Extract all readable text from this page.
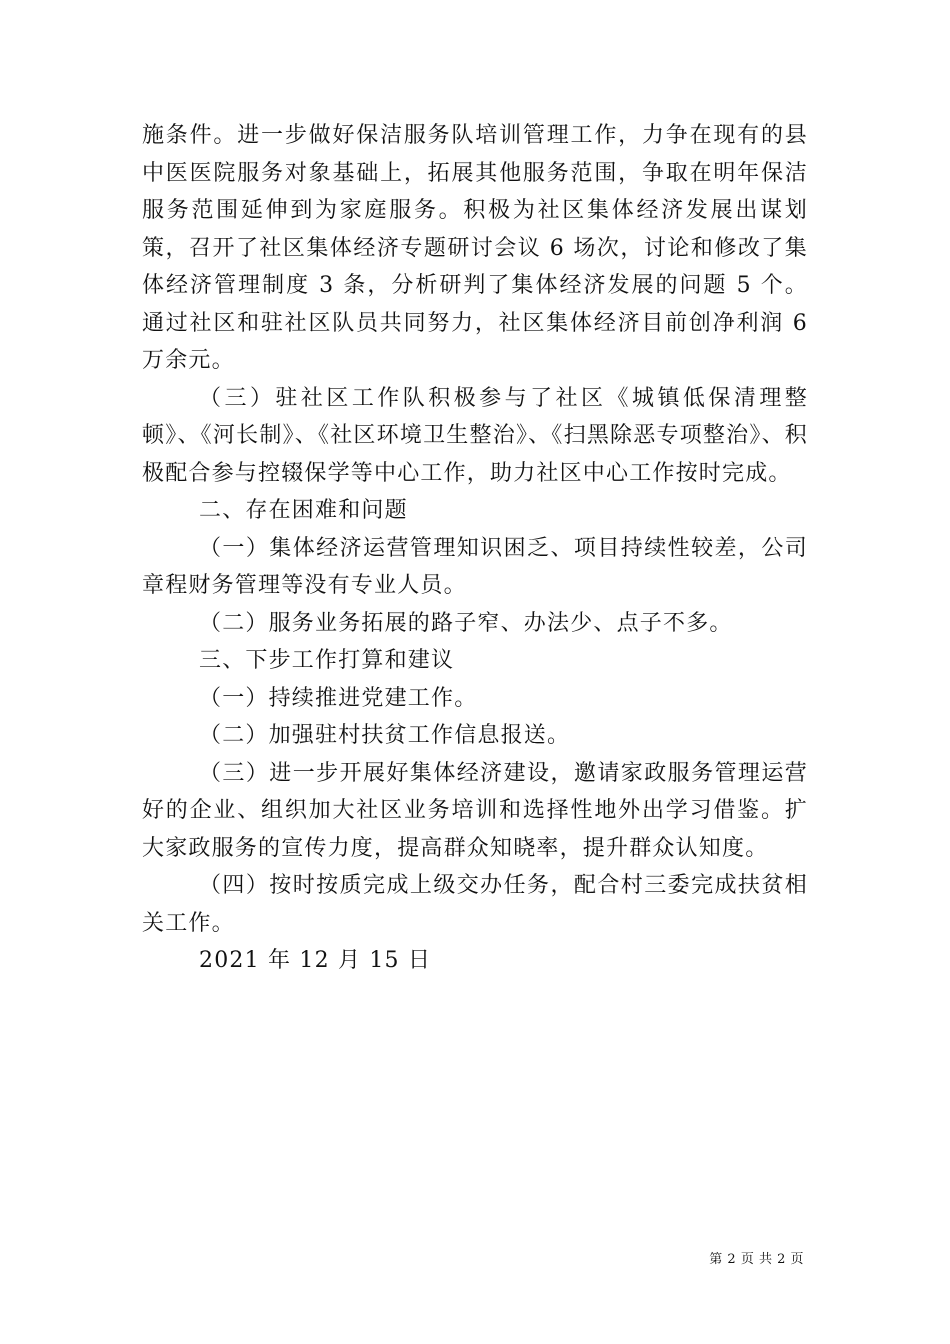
施条件。进一步做好保洁服务队培训管理工作，力争在现有的县中医医院服务对象基础上，拓展其他服务范围，争取在明年保洁服务范围延伸到为家庭服务。积极为社区集体经济发展出谋划策，召开了社区集体经济专题研讨会议 6 场次，讨论和修改了集体经济管理制度 3 条，分析研判了集体经济发展的问题 5 个。通过社区和驻社区队员共同努力，社区集体经济目前创净利润 6 万余元。

（三）驻社区工作队积极参与了社区《城镇低保清理整顿》、《河长制》、《社区环境卫生整治》、《扫黑除恶专项整治》、积极配合参与控辍保学等中心工作，助力社区中心工作按时完成。

二、存在困难和问题

（一）集体经济运营管理知识困乏、项目持续性较差，公司章程财务管理等没有专业人员。

（二）服务业务拓展的路子窄、办法少、点子不多。

三、下步工作打算和建议

（一）持续推进党建工作。

（二）加强驻村扶贫工作信息报送。

（三）进一步开展好集体经济建设，邀请家政服务管理运营好的企业、组织加大社区业务培训和选择性地外出学习借鉴。扩大家政服务的宣传力度，提高群众知晓率，提升群众认知度。

（四）按时按质完成上级交办任务，配合村三委完成扶贫相关工作。

2021 年 12 月 15 日

第 2 页 共 2 页
